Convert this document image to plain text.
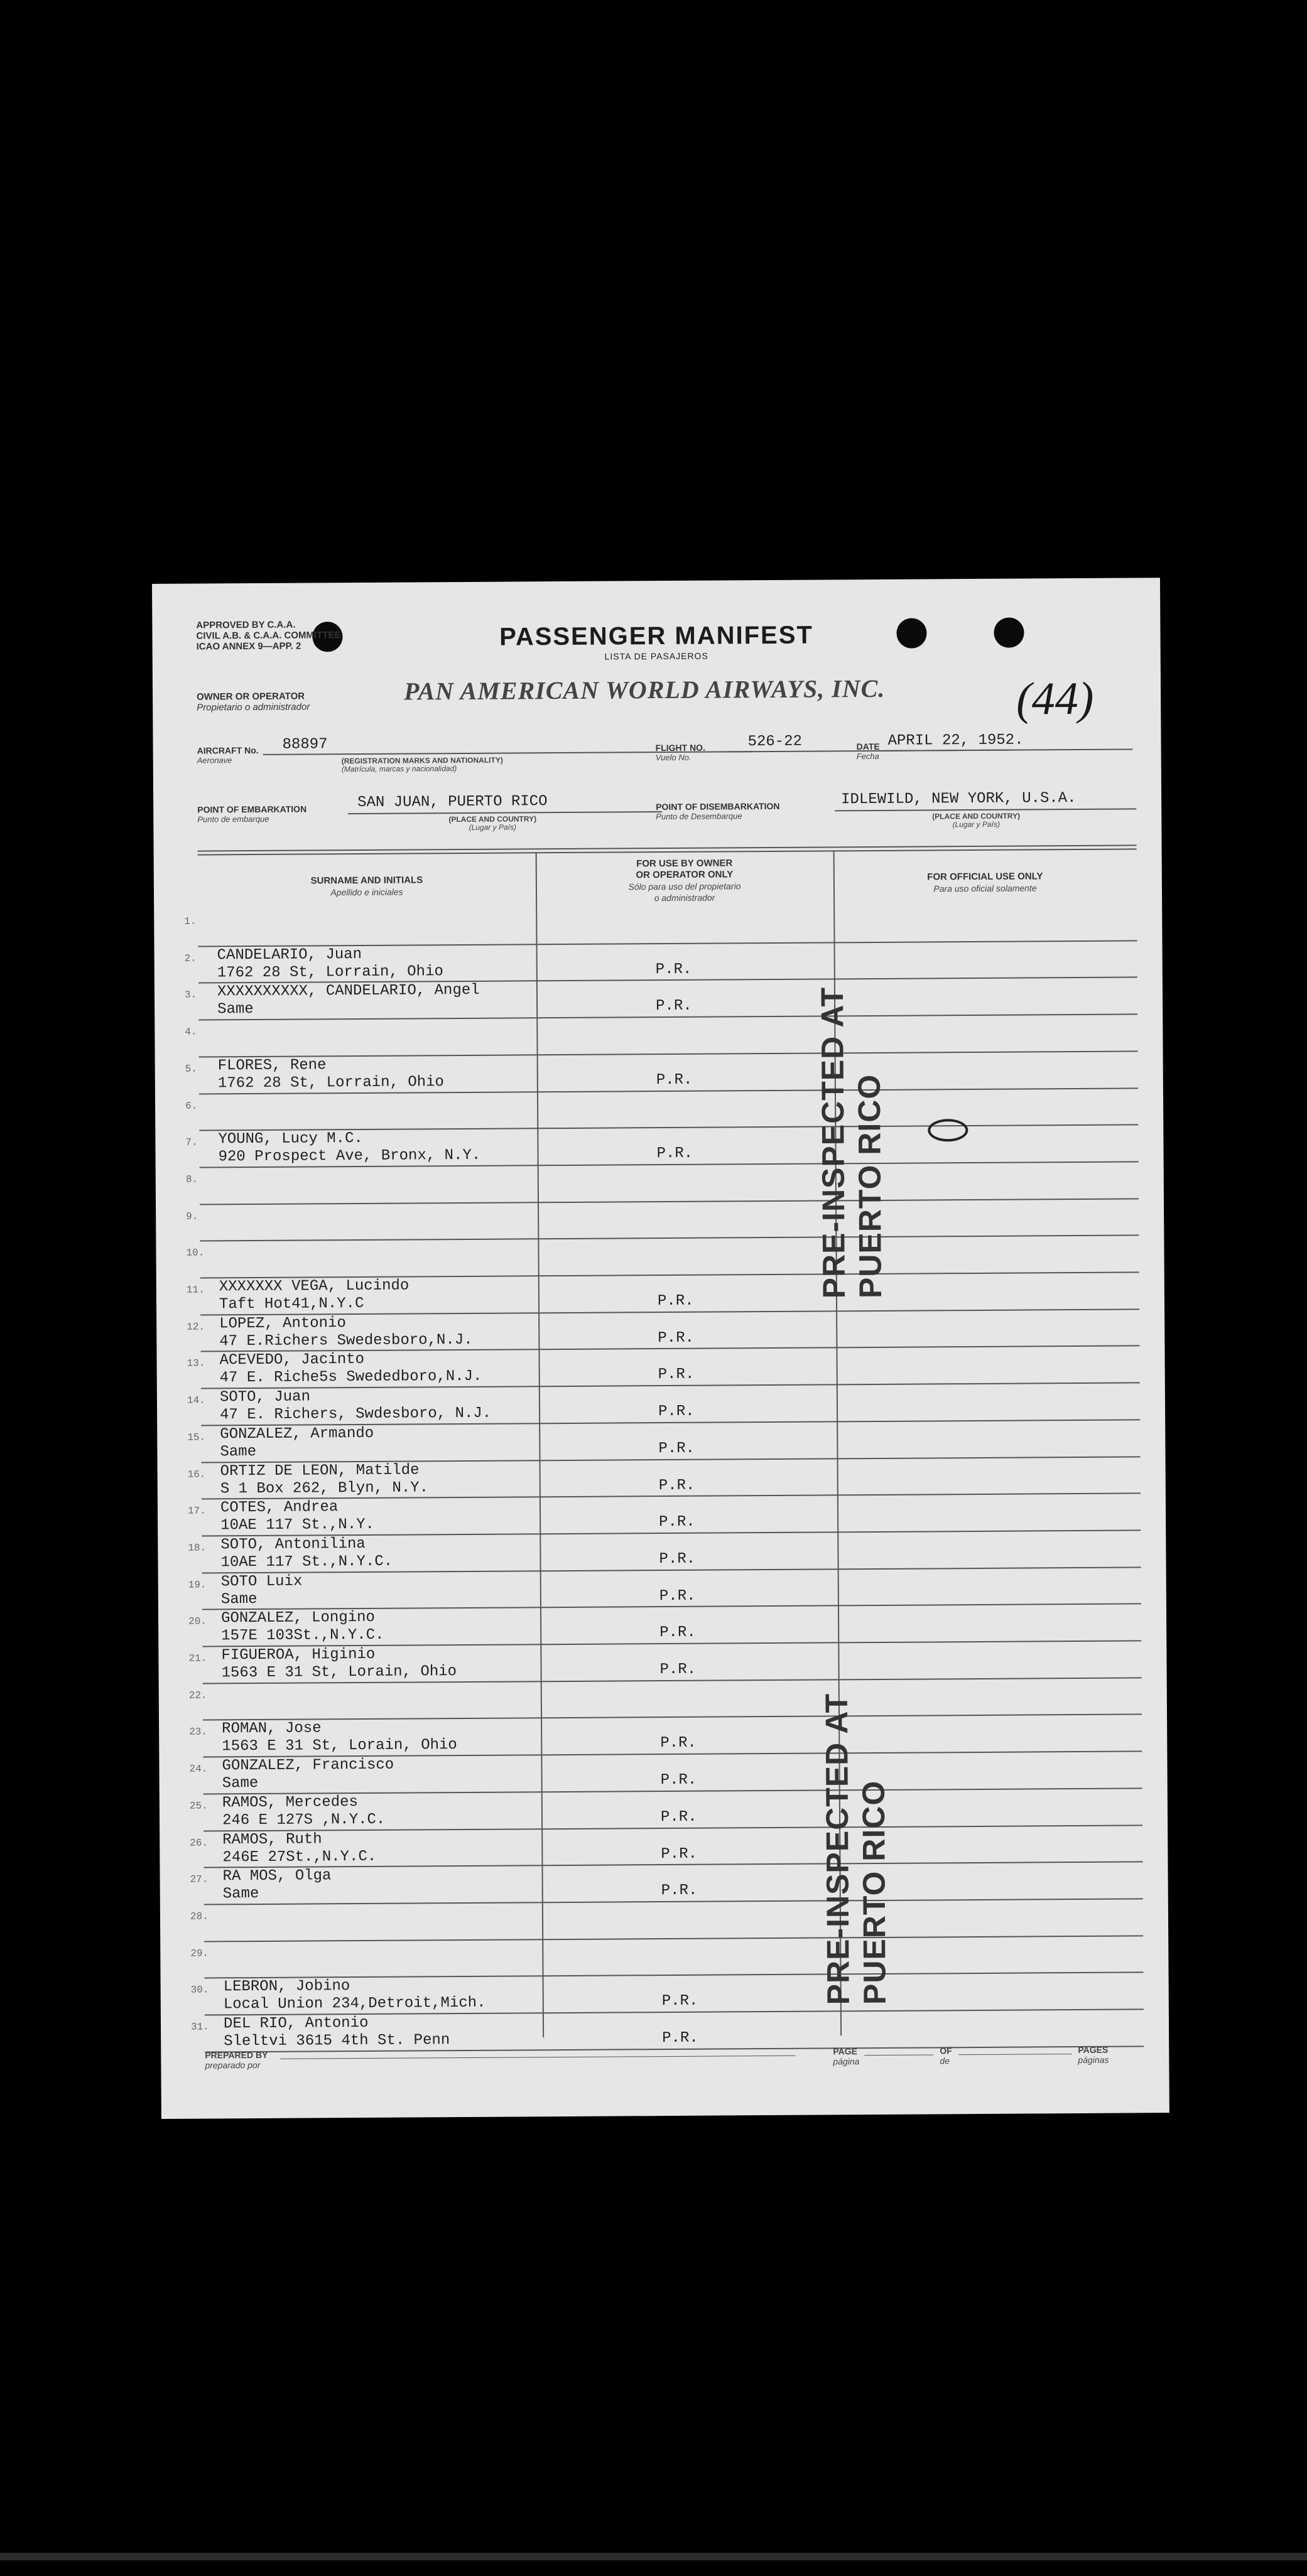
APPROVED BY C.A.A.
CIVIL A.B. & C.A.A. COMMITTEE
ICAO ANNEX 9—APP. 2	PASSENGER MANIFEST
LISTA DE PASAJEROS
OWNER OR OPERATOR
Propietario o administrador
PAN AMERICAN WORLD AIRWAYS, INC.	(44)
AIRCRAFT No.
Aeronave
88897
(REGISTRATION MARKS AND NATIONALITY)
(Matrícula, marcas y nacionalidad)
FLIGHT NO.
Vuelo No.
526-22	DATE
Fecha
APRIL 22, 1952.
POINT OF EMBARKATION
Punto de embarque
SAN JUAN, PUERTO RICO
(PLACE AND COUNTRY)
(Lugar y País)
POINT OF DISEMBARKATION
Punto de Desembarque
IDLEWILD, NEW YORK, U.S.A.
(PLACE AND COUNTRY)
(Lugar y País)
SURNAME AND INITIALS
Apellido e iniciales
FOR USE BY OWNER
OR OPERATOR ONLY
Sólo para uso del propietario
o administrador
FOR OFFICIAL USE ONLY
Para uso oficial solamente
1.
2. CANDELARIO, Juan
1762 28 St, Lorrain, Ohio	P.R.
3. XXXXXXXXXX, CANDELARIO, Angel
Same	P.R.
4.
5. FLORES, Rene
1762 28 St, Lorrain, Ohio	P.R.
6.
7. YOUNG, Lucy M.C.
920 Prospect Ave, Bronx, N.Y.	P.R.
8.
9.
10.
11. XXXXXXX VEGA, Lucindo
Taft Hot41,N.Y.C	P.R.
12. LOPEZ, Antonio
47 E.Richers Swedesboro,N.J.	P.R.
13. ACEVEDO, Jacinto
47 E. Riche5s Swededboro,N.J.	P.R.
14. SOTO, Juan
47 E. Richers, Swdesboro, N.J.	P.R.
15. GONZALEZ, Armando
Same	P.R.
16. ORTIZ DE LEON, Matilde
S 1 Box 262, Blyn, N.Y.	P.R.
17. COTES, Andrea
10AE 117 St.,N.Y.	P.R.
18. SOTO, Antonilina
10AE 117 St.,N.Y.C.	P.R.
19. SOTO Luix
Same	P.R.
20. GONZALEZ, Longino
157E 103St.,N.Y.C.	P.R.
21. FIGUEROA, Higinio
1563 E 31 St, Lorain, Ohio	P.R.
22.
23. ROMAN, Jose
1563 E 31 St, Lorain, Ohio	P.R.
24. GONZALEZ, Francisco
Same	P.R.
25. RAMOS, Mercedes
246 E 127S ,N.Y.C.	P.R.
26. RAMOS, Ruth
246E 27St.,N.Y.C.	P.R.
27. RA MOS, Olga
Same	P.R.
28.
29.
30. LEBRON, Jobino
Local Union 234,Detroit,Mich.	P.R.
31. DEL RIO, Antonio
Sleltvi 3615 4th St. Penn	P.R.
PRE-INSPECTED AT PUERTO RICO
PRE-INSPECTED AT PUERTO RICO
PREPARED BY
preparado por
PAGE
página
OF
de
PAGES
páginas
